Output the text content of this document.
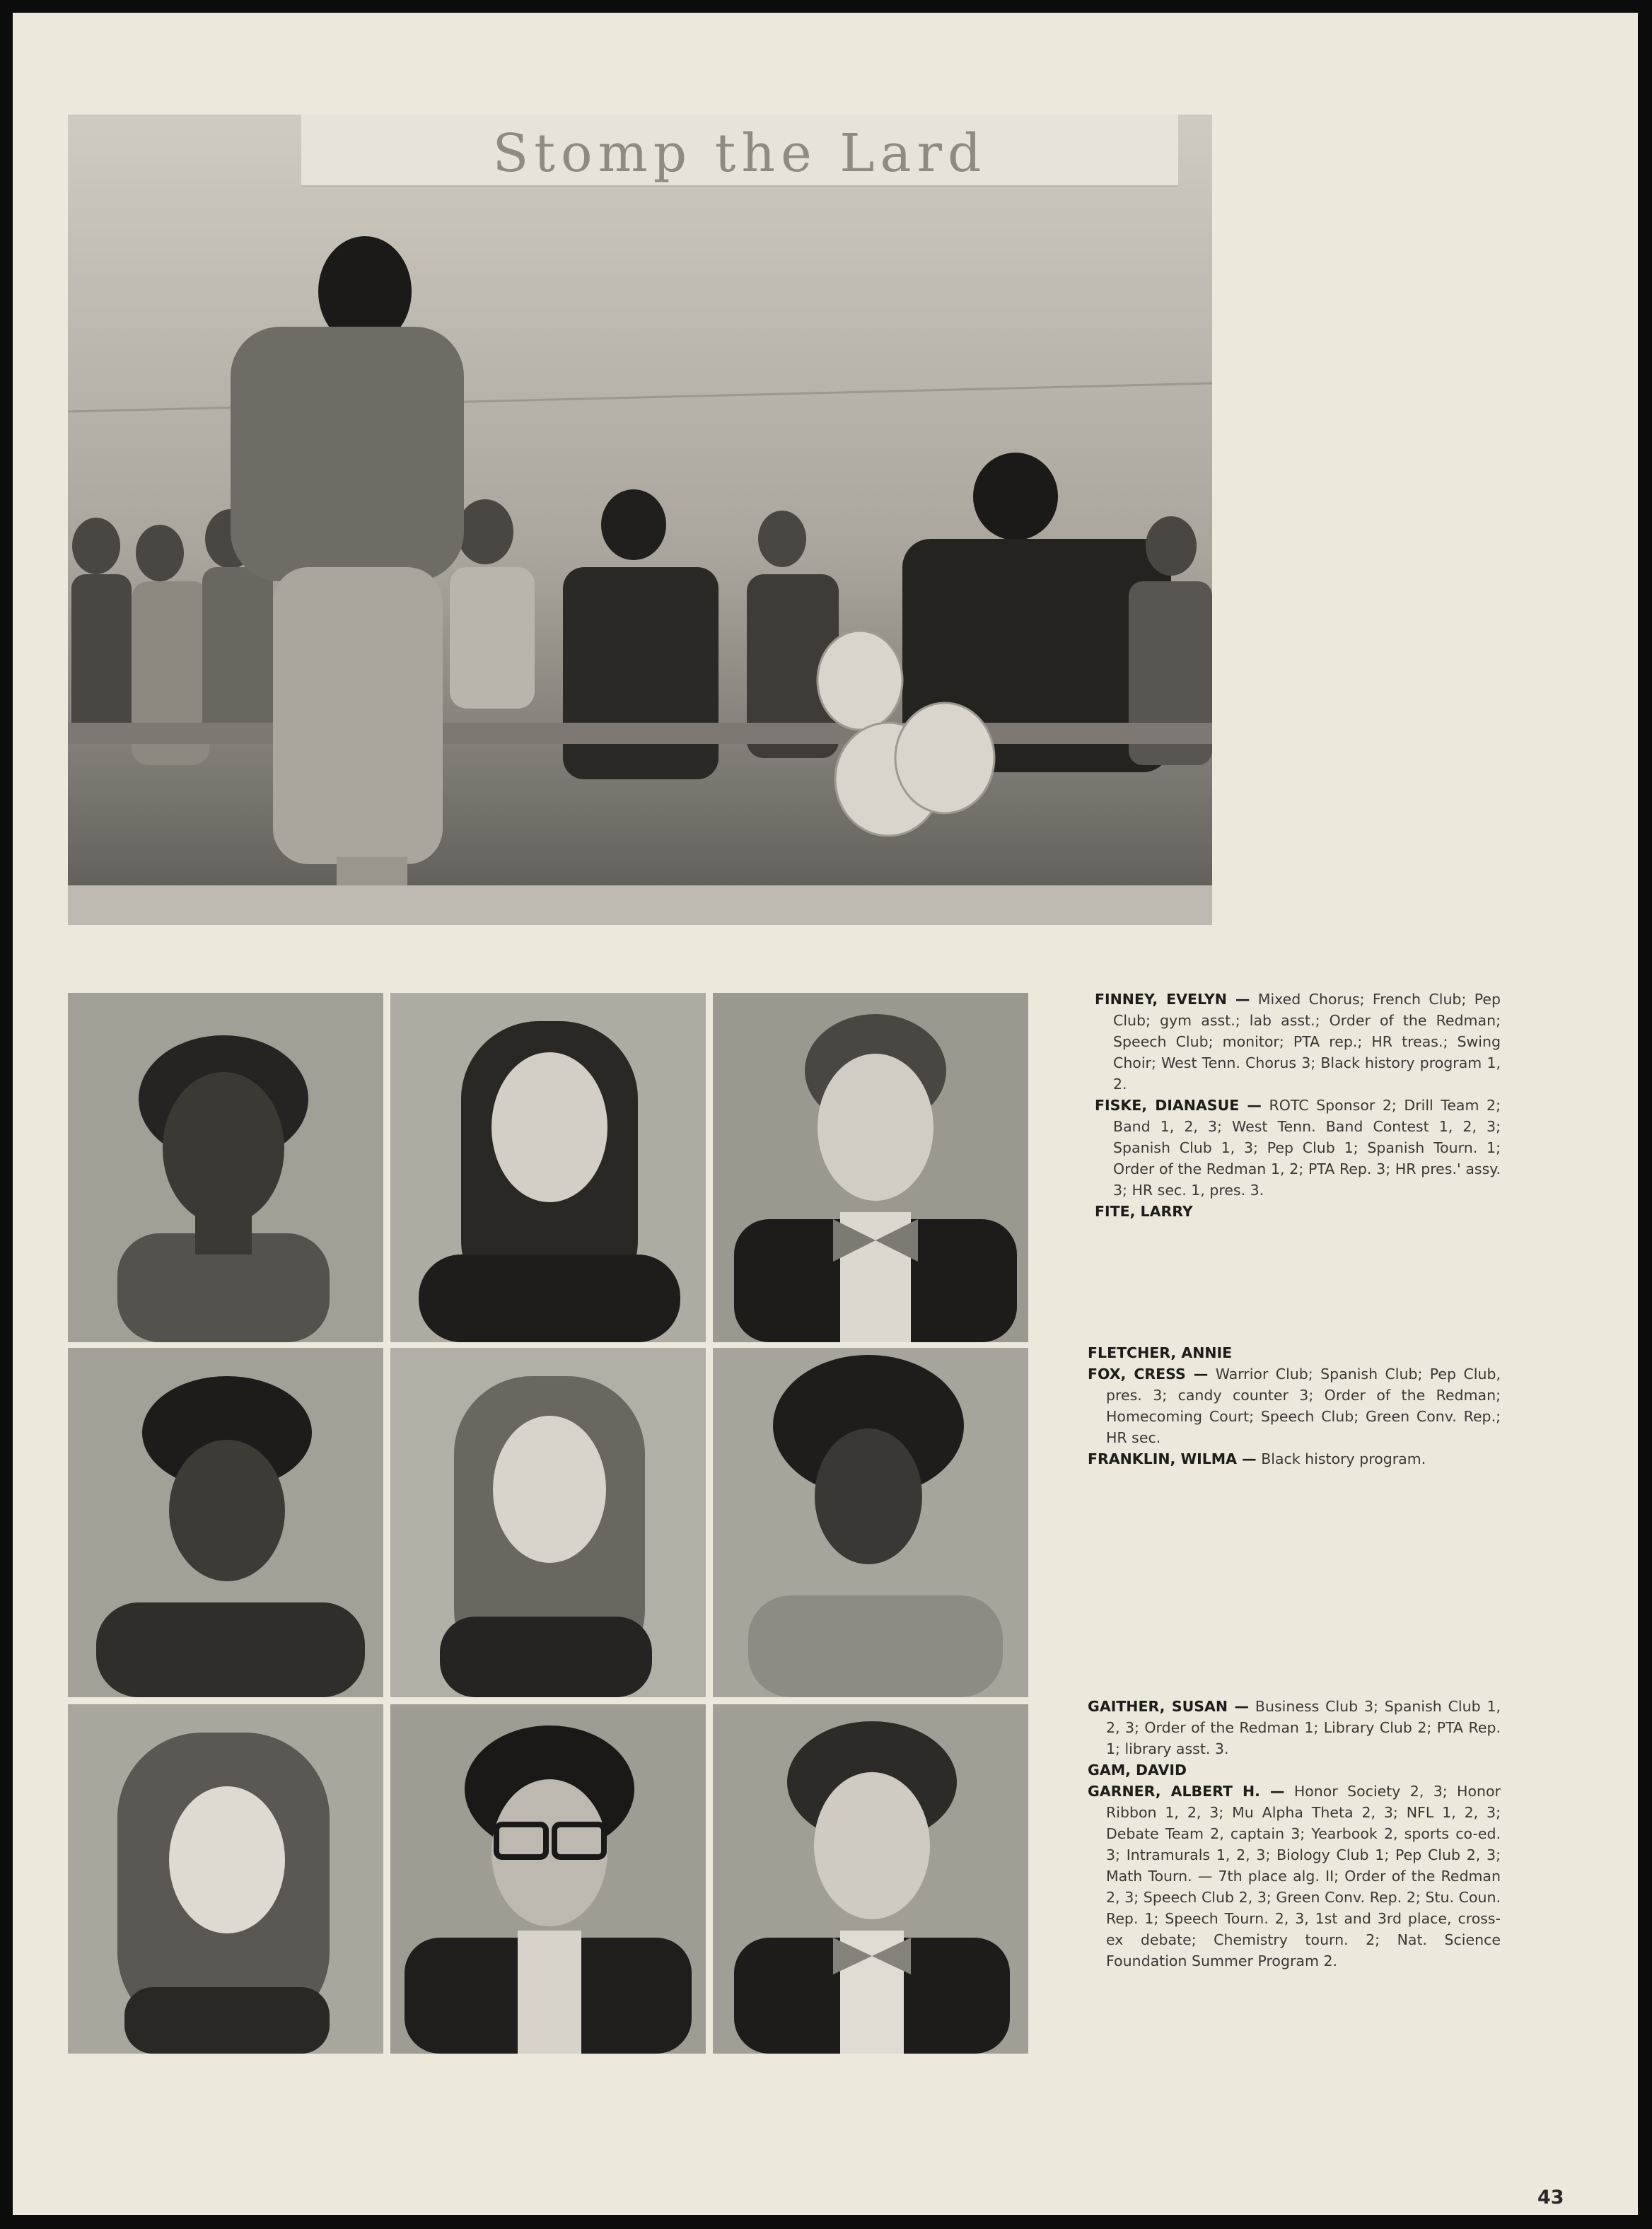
Stomp the Lard

FINNEY, EVELYN — Mixed Chorus; French Club; Pep Club; gym asst.; lab asst.; Order of the Redman; Speech Club; monitor; PTA rep.; HR treas.; Swing Choir; West Tenn. Chorus 3; Black history program 1, 2.

FISKE, DIANASUE — ROTC Sponsor 2; Drill Team 2; Band 1, 2, 3; West Tenn. Band Contest 1, 2, 3; Spanish Club 1, 3; Pep Club 1; Spanish Tourn. 1; Order of the Redman 1, 2; PTA Rep. 3; HR pres.' assy. 3; HR sec. 1, pres. 3.

FITE, LARRY

FLETCHER, ANNIE

FOX, CRESS — Warrior Club; Spanish Club; Pep Club, pres. 3; candy counter 3; Order of the Redman; Homecoming Court; Speech Club; Green Conv. Rep.; HR sec.

FRANKLIN, WILMA — Black history program.

GAITHER, SUSAN — Business Club 3; Spanish Club 1, 2, 3; Order of the Redman 1; Library Club 2; PTA Rep. 1; library asst. 3.

GAM, DAVID

GARNER, ALBERT H. — Honor Society 2, 3; Honor Ribbon 1, 2, 3; Mu Alpha Theta 2, 3; NFL 1, 2, 3; Debate Team 2, captain 3; Yearbook 2, sports co-ed. 3; Intramurals 1, 2, 3; Biology Club 1; Pep Club 2, 3; Math Tourn. — 7th place alg. II; Order of the Redman 2, 3; Speech Club 2, 3; Green Conv. Rep. 2; Stu. Coun. Rep. 1; Speech Tourn. 2, 3, 1st and 3rd place, cross-ex debate; Chemistry tourn. 2; Nat. Science Foundation Summer Program 2.

43
